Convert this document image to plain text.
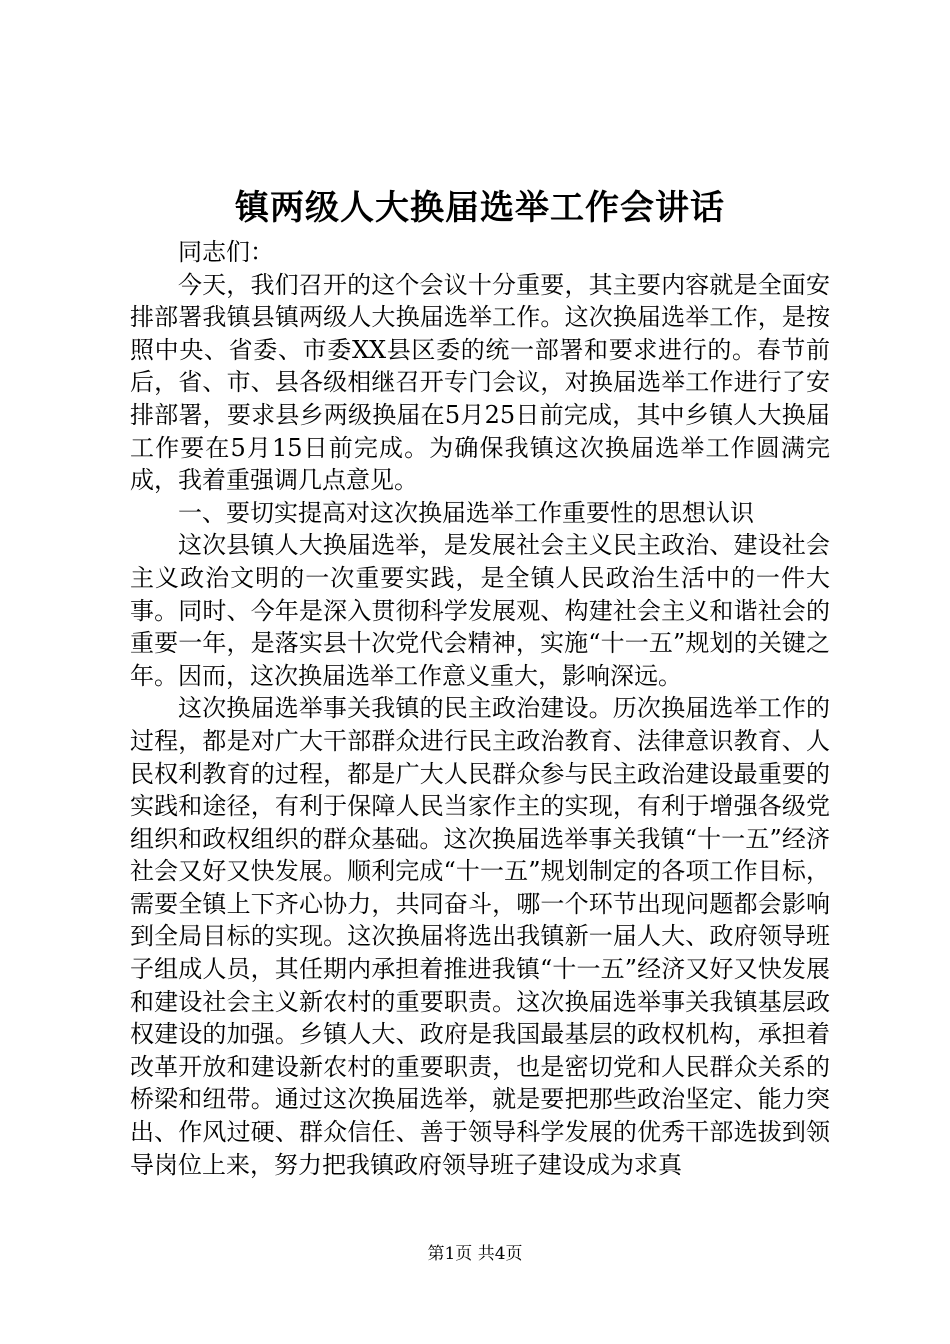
镇两级人大换届选举工作会讲话

同志们：

今天，我们召开的这个会议十分重要，其主要内容就是全面安排部署我镇县镇两级人大换届选举工作。这次换届选举工作，是按照中央、省委、市委XX县区委的统一部署和要求进行的。春节前后，省、市、县各级相继召开专门会议，对换届选举工作进行了安排部署，要求县乡两级换届在5月25日前完成，其中乡镇人大换届工作要在5月15日前完成。为确保我镇这次换届选举工作圆满完成，我着重强调几点意见。

一、要切实提高对这次换届选举工作重要性的思想认识

这次县镇人大换届选举，是发展社会主义民主政治、建设社会主义政治文明的一次重要实践，是全镇人民政治生活中的一件大事。同时、今年是深入贯彻科学发展观、构建社会主义和谐社会的重要一年，是落实县十次党代会精神，实施“十一五”规划的关键之年。因而，这次换届选举工作意义重大，影响深远。

这次换届选举事关我镇的民主政治建设。历次换届选举工作的过程，都是对广大干部群众进行民主政治教育、法律意识教育、人民权利教育的过程，都是广大人民群众参与民主政治建设最重要的实践和途径，有利于保障人民当家作主的实现，有利于增强各级党组织和政权组织的群众基础。这次换届选举事关我镇“十一五”经济社会又好又快发展。顺利完成“十一五”规划制定的各项工作目标，需要全镇上下齐心协力，共同奋斗，哪一个环节出现问题都会影响到全局目标的实现。这次换届将选出我镇新一届人大、政府领导班子组成人员，其任期内承担着推进我镇“十一五”经济又好又快发展和建设社会主义新农村的重要职责。这次换届选举事关我镇基层政权建设的加强。乡镇人大、政府是我国最基层的政权机构，承担着改革开放和建设新农村的重要职责，也是密切党和人民群众关系的桥梁和纽带。通过这次换届选举，就是要把那些政治坚定、能力突出、作风过硬、群众信任、善于领导科学发展的优秀干部选拔到领导岗位上来，努力把我镇政府领导班子建设成为求真

第1页 共4页
